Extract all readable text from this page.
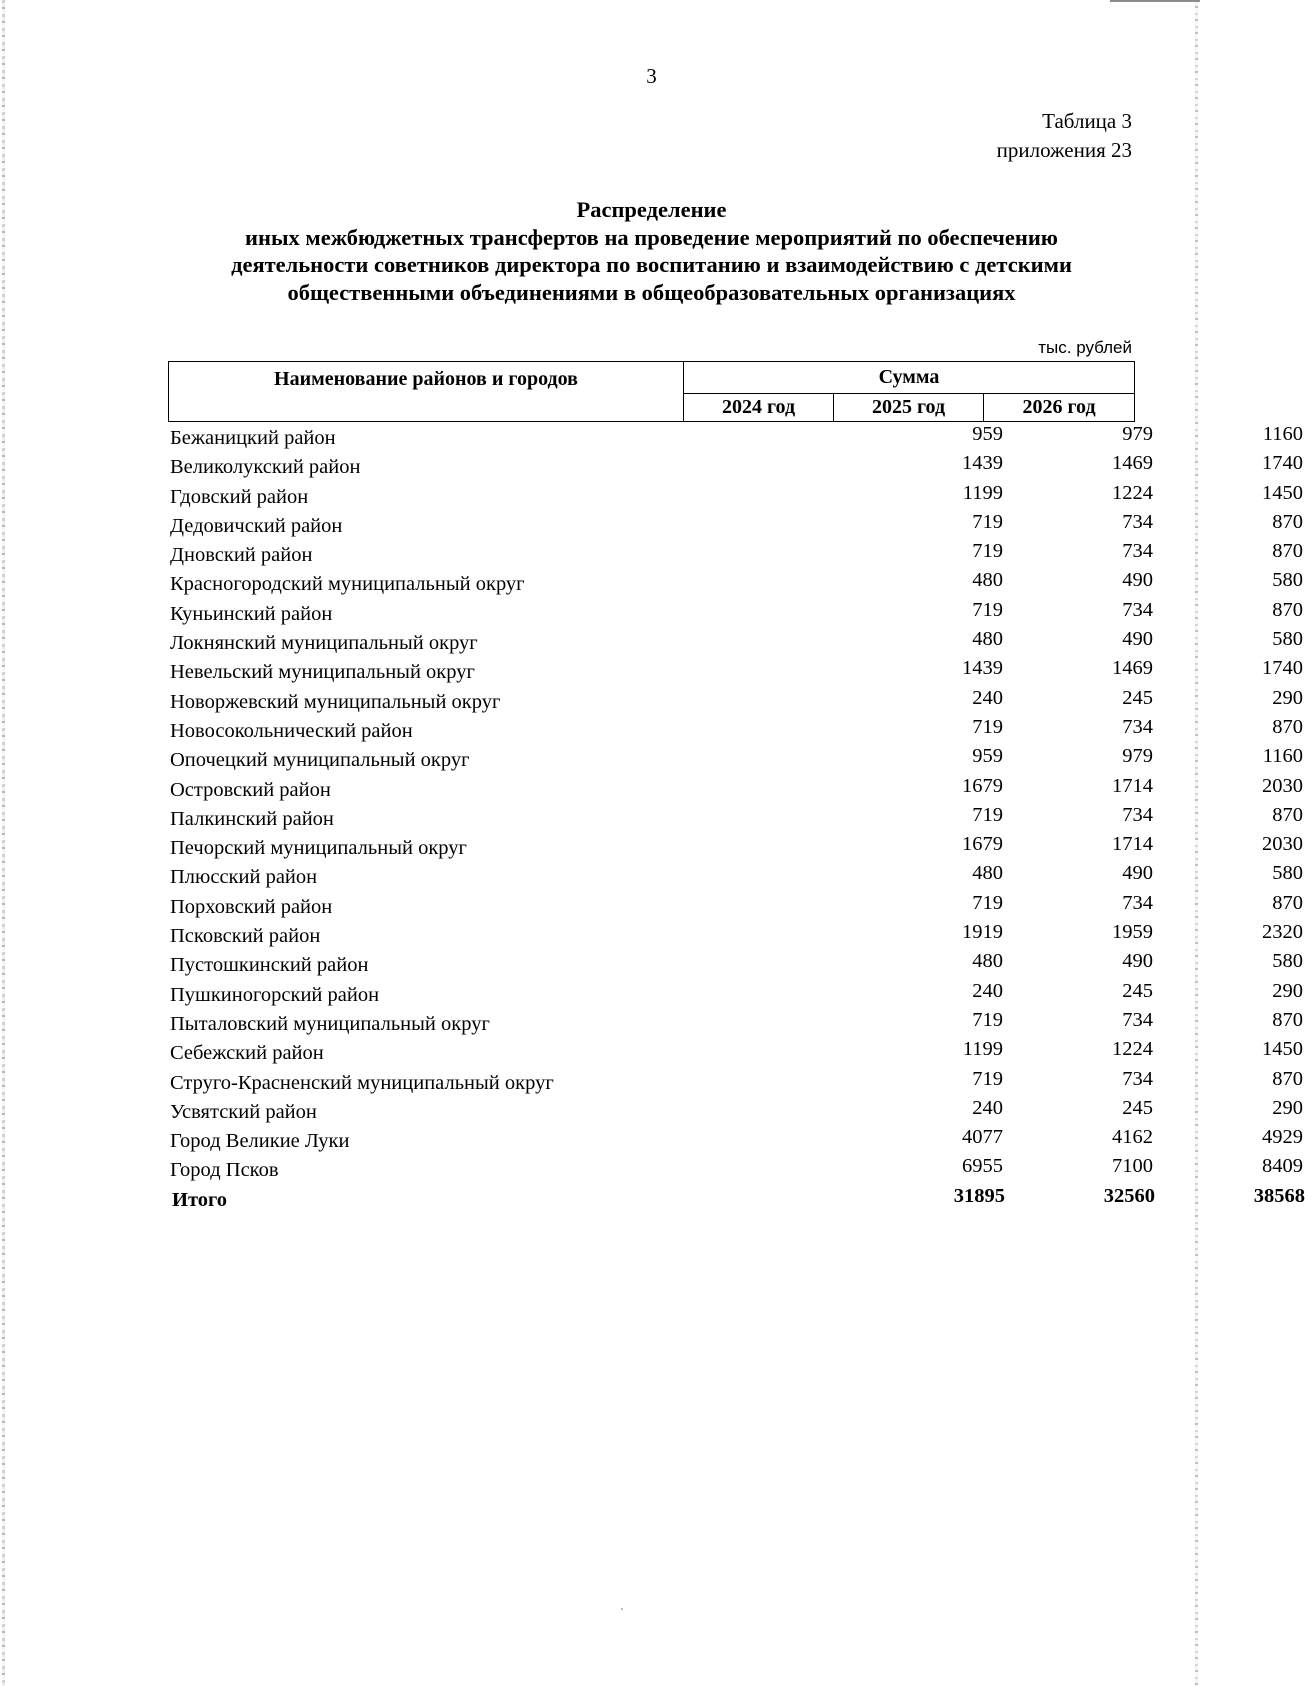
3
Таблица 3
приложения 23
Распределение
иных межбюджетных трансфертов на проведение мероприятий по обеспечению
деятельности советников директора по воспитанию и взаимодействию с детскими
общественными объединениями в общеобразовательных организациях
тыс. рублей
Наименование районов и городов	Сумма		
	2024 год	2025 год	2026 год
Бежаницкий район	959	979	1160
Великолукский район	1439	1469	1740
Гдовский район	1199	1224	1450
Дедовичский район	719	734	870
Дновский район	719	734	870
Красногородский муниципальный округ	480	490	580
Куньинский район	719	734	870
Локнянский муниципальный округ	480	490	580
Невельский муниципальный округ	1439	1469	1740
Новоржевский муниципальный округ	240	245	290
Новосокольнический район	719	734	870
Опочецкий муниципальный округ	959	979	1160
Островский район	1679	1714	2030
Палкинский район	719	734	870
Печорский муниципальный округ	1679	1714	2030
Плюсский район	480	490	580
Порховский район	719	734	870
Псковский район	1919	1959	2320
Пустошкинский район	480	490	580
Пушкиногорский район	240	245	290
Пыталовский муниципальный округ	719	734	870
Себежский район	1199	1224	1450
Струго-Красненский муниципальный округ	719	734	870
Усвятский район	240	245	290
Город Великие Луки	4077	4162	4929
Город Псков	6955	7100	8409
Итого	31895	32560	38568
